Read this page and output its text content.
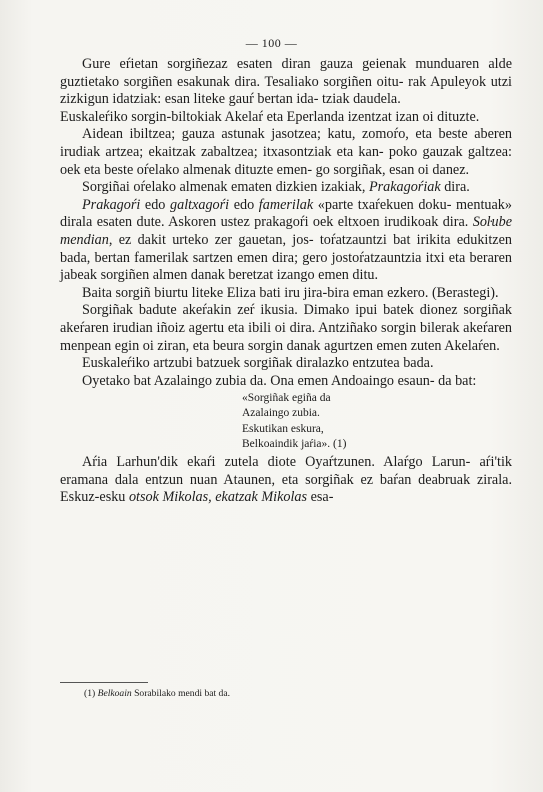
— 100 —

Gure eŕietan sorgiñezaz esaten diran gauza geienak munduaren alde guztietako sorgiñen esakunak dira. Tesaliako sorgiñen oitu- rak Apuleyok utzi zizkigun idatziak: esan liteke gauŕ bertan ida- tziak daudela.

Euskaleŕiko sorgin-biltokiak Akelaŕ eta Eperlanda izentzat izan oi dituzte.

Aidean ibiltzea; gauza astunak jasotzea; katu, zomoŕo, eta beste aberen irudiak artzea; ekaitzak zabaltzea; itxasontziak eta kan- poko gauzak galtzea: oek eta beste oŕelako almenak dituzte emen- go sorgiñak, esan oi danez.

Sorgiñai oŕelako almenak ematen dizkien izakiak, Prakagoŕiak dira.

Prakagoŕi edo galtxagoŕi edo famerilak «parte txaŕekuen doku- mentuak» dirala esaten dute. Askoren ustez prakagoŕi oek eltxoen irudikoak dira. Soŀube mendian, ez dakit urteko zer gauetan, jos- toŕatzauntzi bat irikita edukitzen bada, bertan famerilak sartzen emen dira; gero jostoŕatzauntzia itxi eta beraren jabeak sorgiñen almen danak beretzat izango emen ditu.

Baita sorgiñ biurtu liteke Eliza bati iru jira-bira eman ezkero. (Berastegi).

Sorgiñak badute akeŕakin zeŕ ikusia. Dimako ipui batek dionez sorgiñak akeŕaren irudian iñoiz agertu eta ibili oi dira. Antziñako sorgin bilerak akeŕaren menpean egin oi ziran, eta beura sorgin danak agurtzen emen zuten Akelaŕen.

Euskaleŕiko artzubi batzuek sorgiñak diralazko entzutea bada.

Oyetako bat Azalaingo zubia da. Ona emen Andoaingo esaun- da bat:

«Sorgiñak egiña da
Azalaingo zubia.
Eskutikan eskura,
Belkoaindik jaŕia». (1)

Aŕia Larhun'dik ekaŕi zutela diote Oyaŕtzunen. Alaŕgo Larun- aŕi'tik eramana dala entzun nuan Ataunen, eta sorgiñak ez baŕan deabruak zirala. Eskuz-esku otsok Mikolas, ekatzak Mikolas esa-

(1) Belkoain Sorabilako mendi bat da.
